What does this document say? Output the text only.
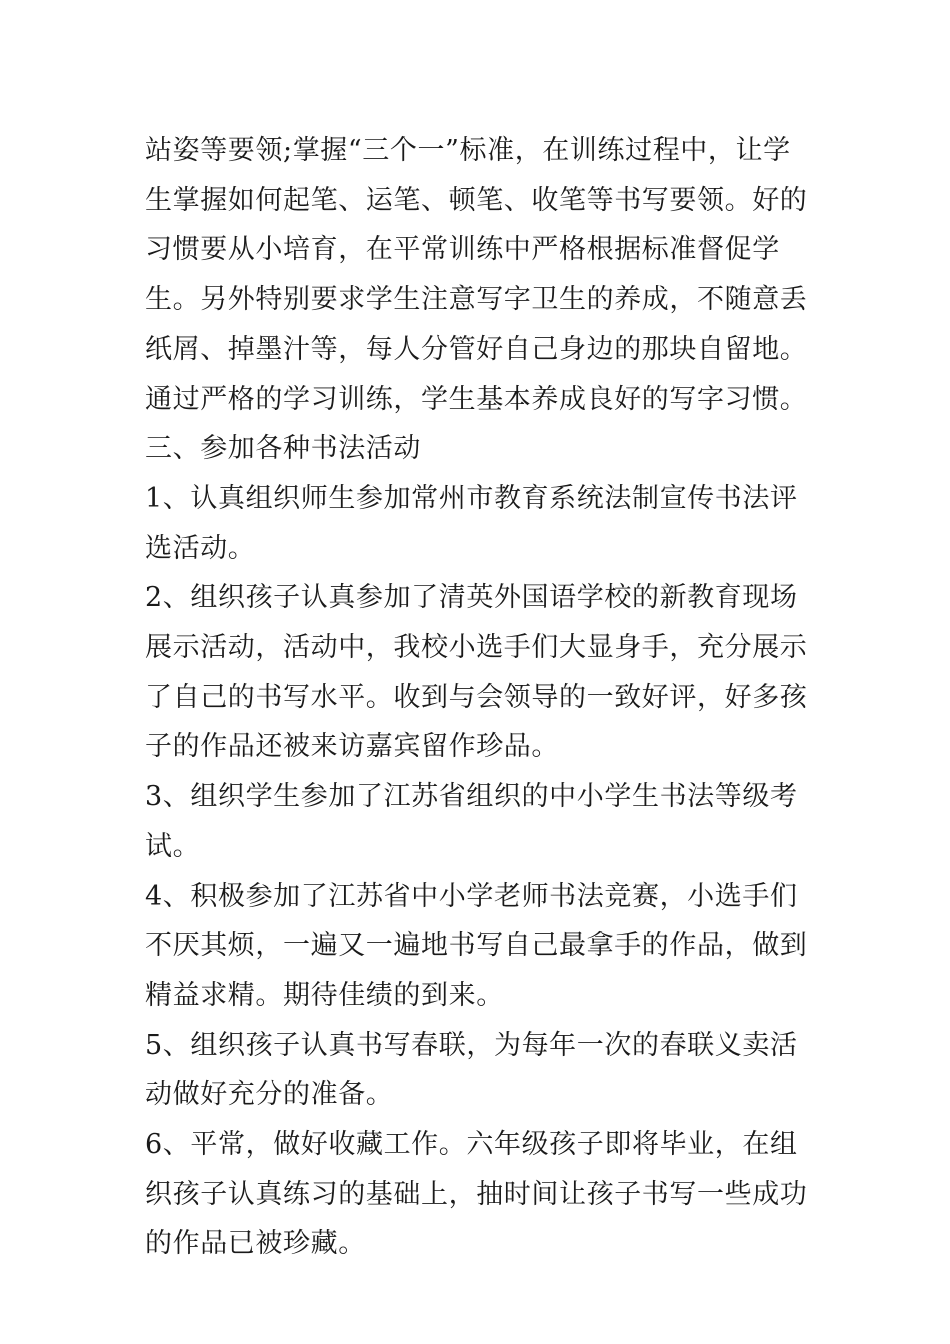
站姿等要领;掌握“三个一”标准，在训练过程中，让学生掌握如何起笔、运笔、顿笔、收笔等书写要领。好的习惯要从小培育，在平常训练中严格根据标准督促学生。另外特别要求学生注意写字卫生的养成，不随意丢纸屑、掉墨汁等，每人分管好自己身边的那块自留地。通过严格的学习训练，学生基本养成良好的写字习惯。

三、参加各种书法活动

1、认真组织师生参加常州市教育系统法制宣传书法评选活动。

2、组织孩子认真参加了清英外国语学校的新教育现场展示活动，活动中，我校小选手们大显身手，充分展示了自己的书写水平。收到与会领导的一致好评，好多孩子的作品还被来访嘉宾留作珍品。

3、组织学生参加了江苏省组织的中小学生书法等级考试。

4、积极参加了江苏省中小学老师书法竞赛，小选手们不厌其烦，一遍又一遍地书写自己最拿手的作品，做到精益求精。期待佳绩的到来。

5、组织孩子认真书写春联，为每年一次的春联义卖活动做好充分的准备。

6、平常，做好收藏工作。六年级孩子即将毕业，在组织孩子认真练习的基础上，抽时间让孩子书写一些成功的作品已被珍藏。
